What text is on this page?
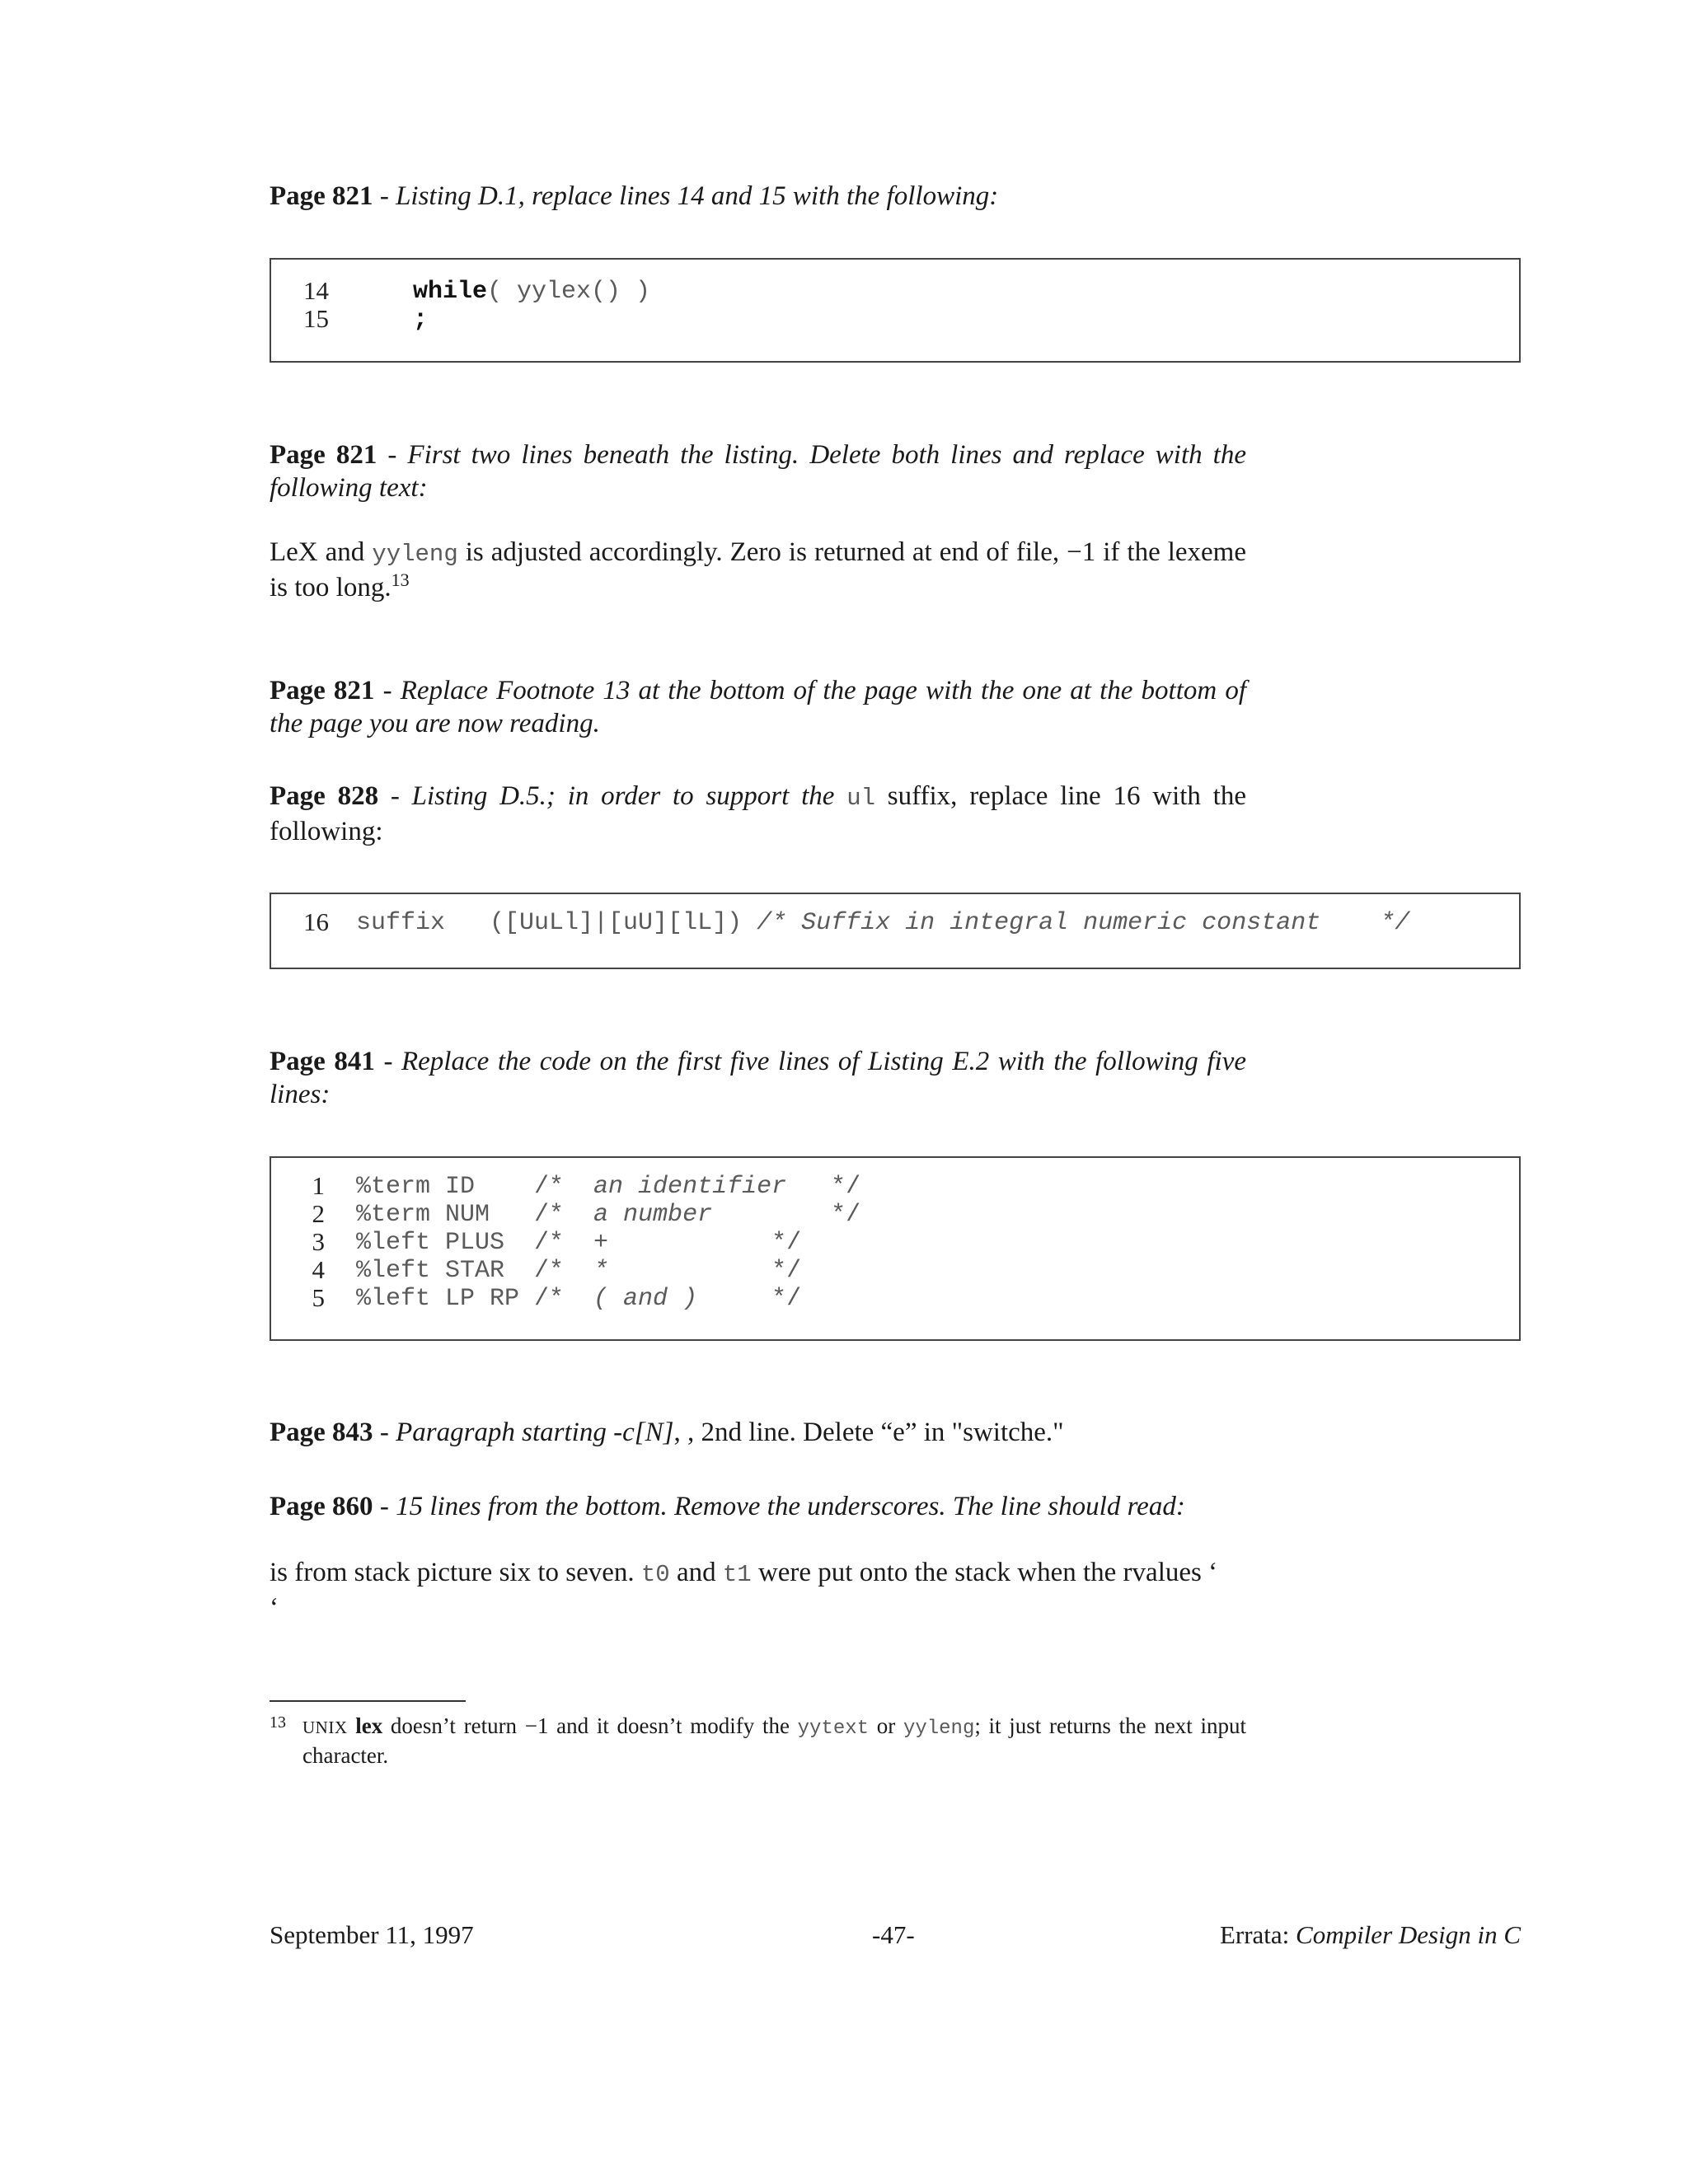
Page 821 - Listing D.1, replace lines 14 and 15 with the following:

14	while( yylex() )
15	;

Page 821 - First two lines beneath the listing. Delete both lines and replace with the following text:

LeX and yyleng is adjusted accordingly. Zero is returned at end of file, −1 if the lexeme is too long.$^{13}$

Page 821 - Replace Footnote 13 at the bottom of the page with the one at the bottom of the page you are now reading.

Page 828 - Listing D.5.; in order to support the ul suffix, replace line 16 with the following:

16 suffix   ([UuLl]|[uU][lL]) /* Suffix in integral numeric constant    */

Page 841 - Replace the code on the first five lines of Listing E.2 with the following five lines:

1 %term ID    /*  an identifier   */
2 %term NUM   /*  a number        */
3 %left PLUS  /*  +           */
4 %left STAR  /*  *           */
5 %left LP RP /*  ( and )     */

Page 843 - Paragraph starting -c[N], , 2nd line. Delete “e” in "switche."

Page 860 - 15 lines from the bottom. Remove the underscores. The line should read:

is from stack picture six to seven. t0 and t1 were put onto the stack when the rvalues ‘
‘

13 UNIX lex doesn’t return −1 and it doesn’t modify the yytext or yyleng; it just returns the next input character.
September 11, 1997	-47-	Errata: Compiler Design in C
